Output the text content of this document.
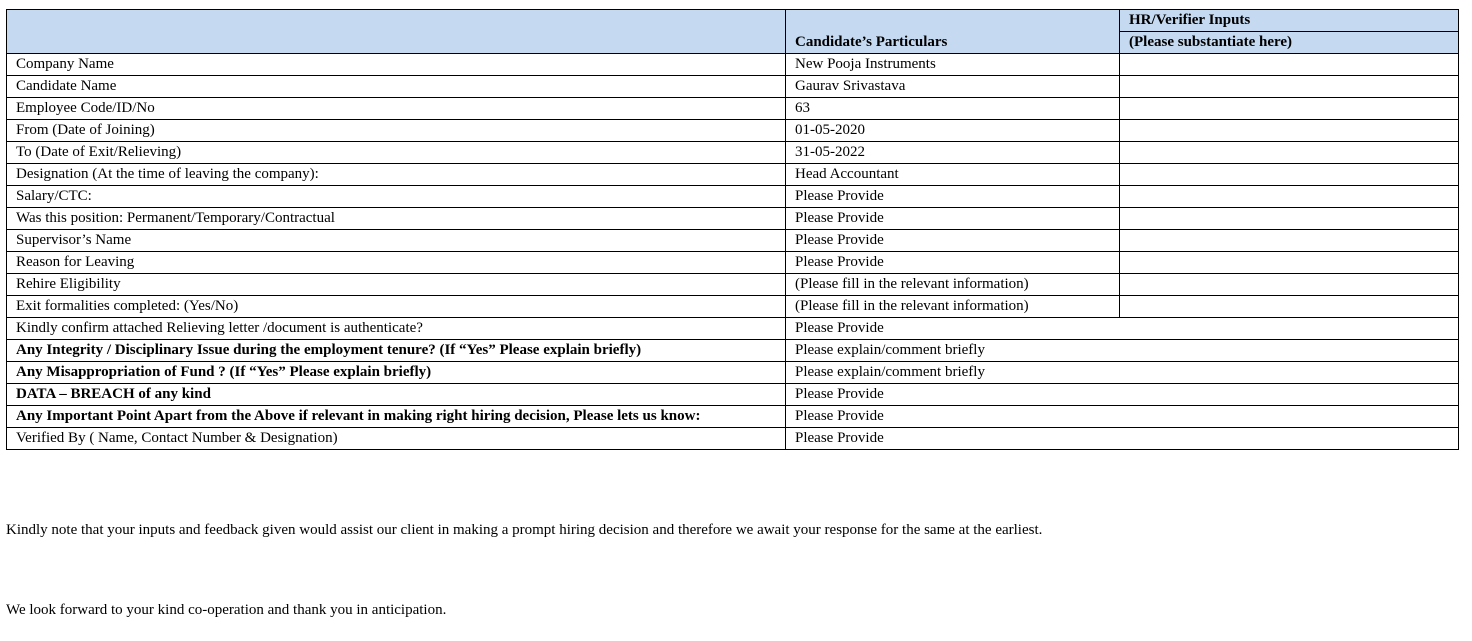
	Candidate’s Particulars	HR/Verifier Inputs
		(Please substantiate here)
Company Name	New Pooja Instruments	
Candidate Name	Gaurav Srivastava	
Employee Code/ID/No	63	
From (Date of Joining)	01-05-2020	
To (Date of Exit/Relieving)	31-05-2022	
Designation (At the time of leaving the company):	Head Accountant	
Salary/CTC:	Please Provide	
Was this position: Permanent/Temporary/Contractual	Please Provide	
Supervisor’s Name	Please Provide	
Reason for Leaving	Please Provide	
Rehire Eligibility	(Please fill in the relevant information)	
Exit formalities completed: (Yes/No)	(Please fill in the relevant information)	
Kindly confirm attached Relieving letter /document is authenticate?	Please Provide	
Any Integrity / Disciplinary Issue during the employment tenure? (If “Yes” Please explain briefly)	Please explain/comment briefly	
Any Misappropriation of Fund ? (If “Yes” Please explain briefly)	Please explain/comment briefly	
DATA – BREACH of any kind	Please Provide	
Any Important Point Apart from the Above if relevant in making right hiring decision, Please lets us know:	Please Provide	
Verified By ( Name, Contact Number & Designation)	Please Provide	

Kindly note that your inputs and feedback given would assist our client in making a prompt hiring decision and therefore we await your response for the same at the earliest.

We look forward to your kind co-operation and thank you in anticipation.
